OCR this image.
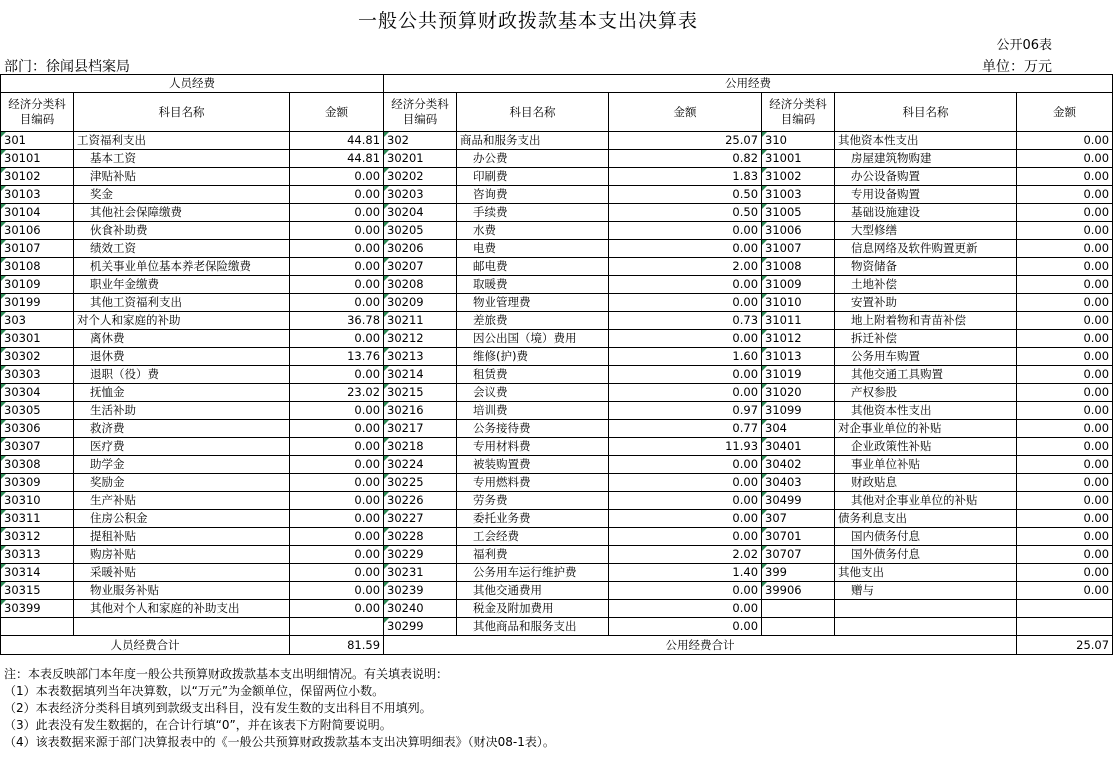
一般公共预算财政拨款基本支出决算表
公开06表
部门：徐闻县档案局	单位：万元
人员经费			公用经费					
经济分类科目编码	科目名称	金额	经济分类科目编码	科目名称	金额	经济分类科目编码	科目名称	金额
301	工资福利支出	44.81	302	商品和服务支出	25.07	310	其他资本性支出	0.00
30101	基本工资	44.81	30201	办公费	0.82	31001	房屋建筑物购建	0.00
30102	津贴补贴	0.00	30202	印刷费	1.83	31002	办公设备购置	0.00
30103	奖金	0.00	30203	咨询费	0.50	31003	专用设备购置	0.00
30104	其他社会保障缴费	0.00	30204	手续费	0.50	31005	基础设施建设	0.00
30106	伙食补助费	0.00	30205	水费	0.00	31006	大型修缮	0.00
30107	绩效工资	0.00	30206	电费	0.00	31007	信息网络及软件购置更新	0.00
30108	机关事业单位基本养老保险缴费	0.00	30207	邮电费	2.00	31008	物资储备	0.00
30109	职业年金缴费	0.00	30208	取暖费	0.00	31009	土地补偿	0.00
30199	其他工资福利支出	0.00	30209	物业管理费	0.00	31010	安置补助	0.00
303	对个人和家庭的补助	36.78	30211	差旅费	0.73	31011	地上附着物和青苗补偿	0.00
30301	离休费	0.00	30212	因公出国（境）费用	0.00	31012	拆迁补偿	0.00
30302	退休费	13.76	30213	维修(护)费	1.60	31013	公务用车购置	0.00
30303	退职（役）费	0.00	30214	租赁费	0.00	31019	其他交通工具购置	0.00
30304	抚恤金	23.02	30215	会议费	0.00	31020	产权参股	0.00
30305	生活补助	0.00	30216	培训费	0.97	31099	其他资本性支出	0.00
30306	救济费	0.00	30217	公务接待费	0.77	304	对企事业单位的补贴	0.00
30307	医疗费	0.00	30218	专用材料费	11.93	30401	企业政策性补贴	0.00
30308	助学金	0.00	30224	被装购置费	0.00	30402	事业单位补贴	0.00
30309	奖励金	0.00	30225	专用燃料费	0.00	30403	财政贴息	0.00
30310	生产补贴	0.00	30226	劳务费	0.00	30499	其他对企事业单位的补贴	0.00
30311	住房公积金	0.00	30227	委托业务费	0.00	307	债务利息支出	0.00
30312	提租补贴	0.00	30228	工会经费	0.00	30701	国内债务付息	0.00
30313	购房补贴	0.00	30229	福利费	2.02	30707	国外债务付息	0.00
30314	采暖补贴	0.00	30231	公务用车运行维护费	1.40	399	其他支出	0.00
30315	物业服务补贴	0.00	30239	其他交通费用	0.00	39906	赠与	0.00
30399	其他对个人和家庭的补助支出	0.00	30240	税金及附加费用	0.00			
			30299	其他商品和服务支出	0.00			
人员经费合计		81.59	公用经费合计					25.07
注：本表反映部门本年度一般公共预算财政拨款基本支出明细情况。有关填表说明：
（1）本表数据填列当年决算数，以“万元”为金额单位，保留两位小数。
（2）本表经济分类科目填列到款级支出科目，没有发生数的支出科目不用填列。
（3）此表没有发生数据的，在合计行填“0”，并在该表下方附简要说明。
（4）该表数据来源于部门决算报表中的《一般公共预算财政拨款基本支出决算明细表》（财决08-1表）。
